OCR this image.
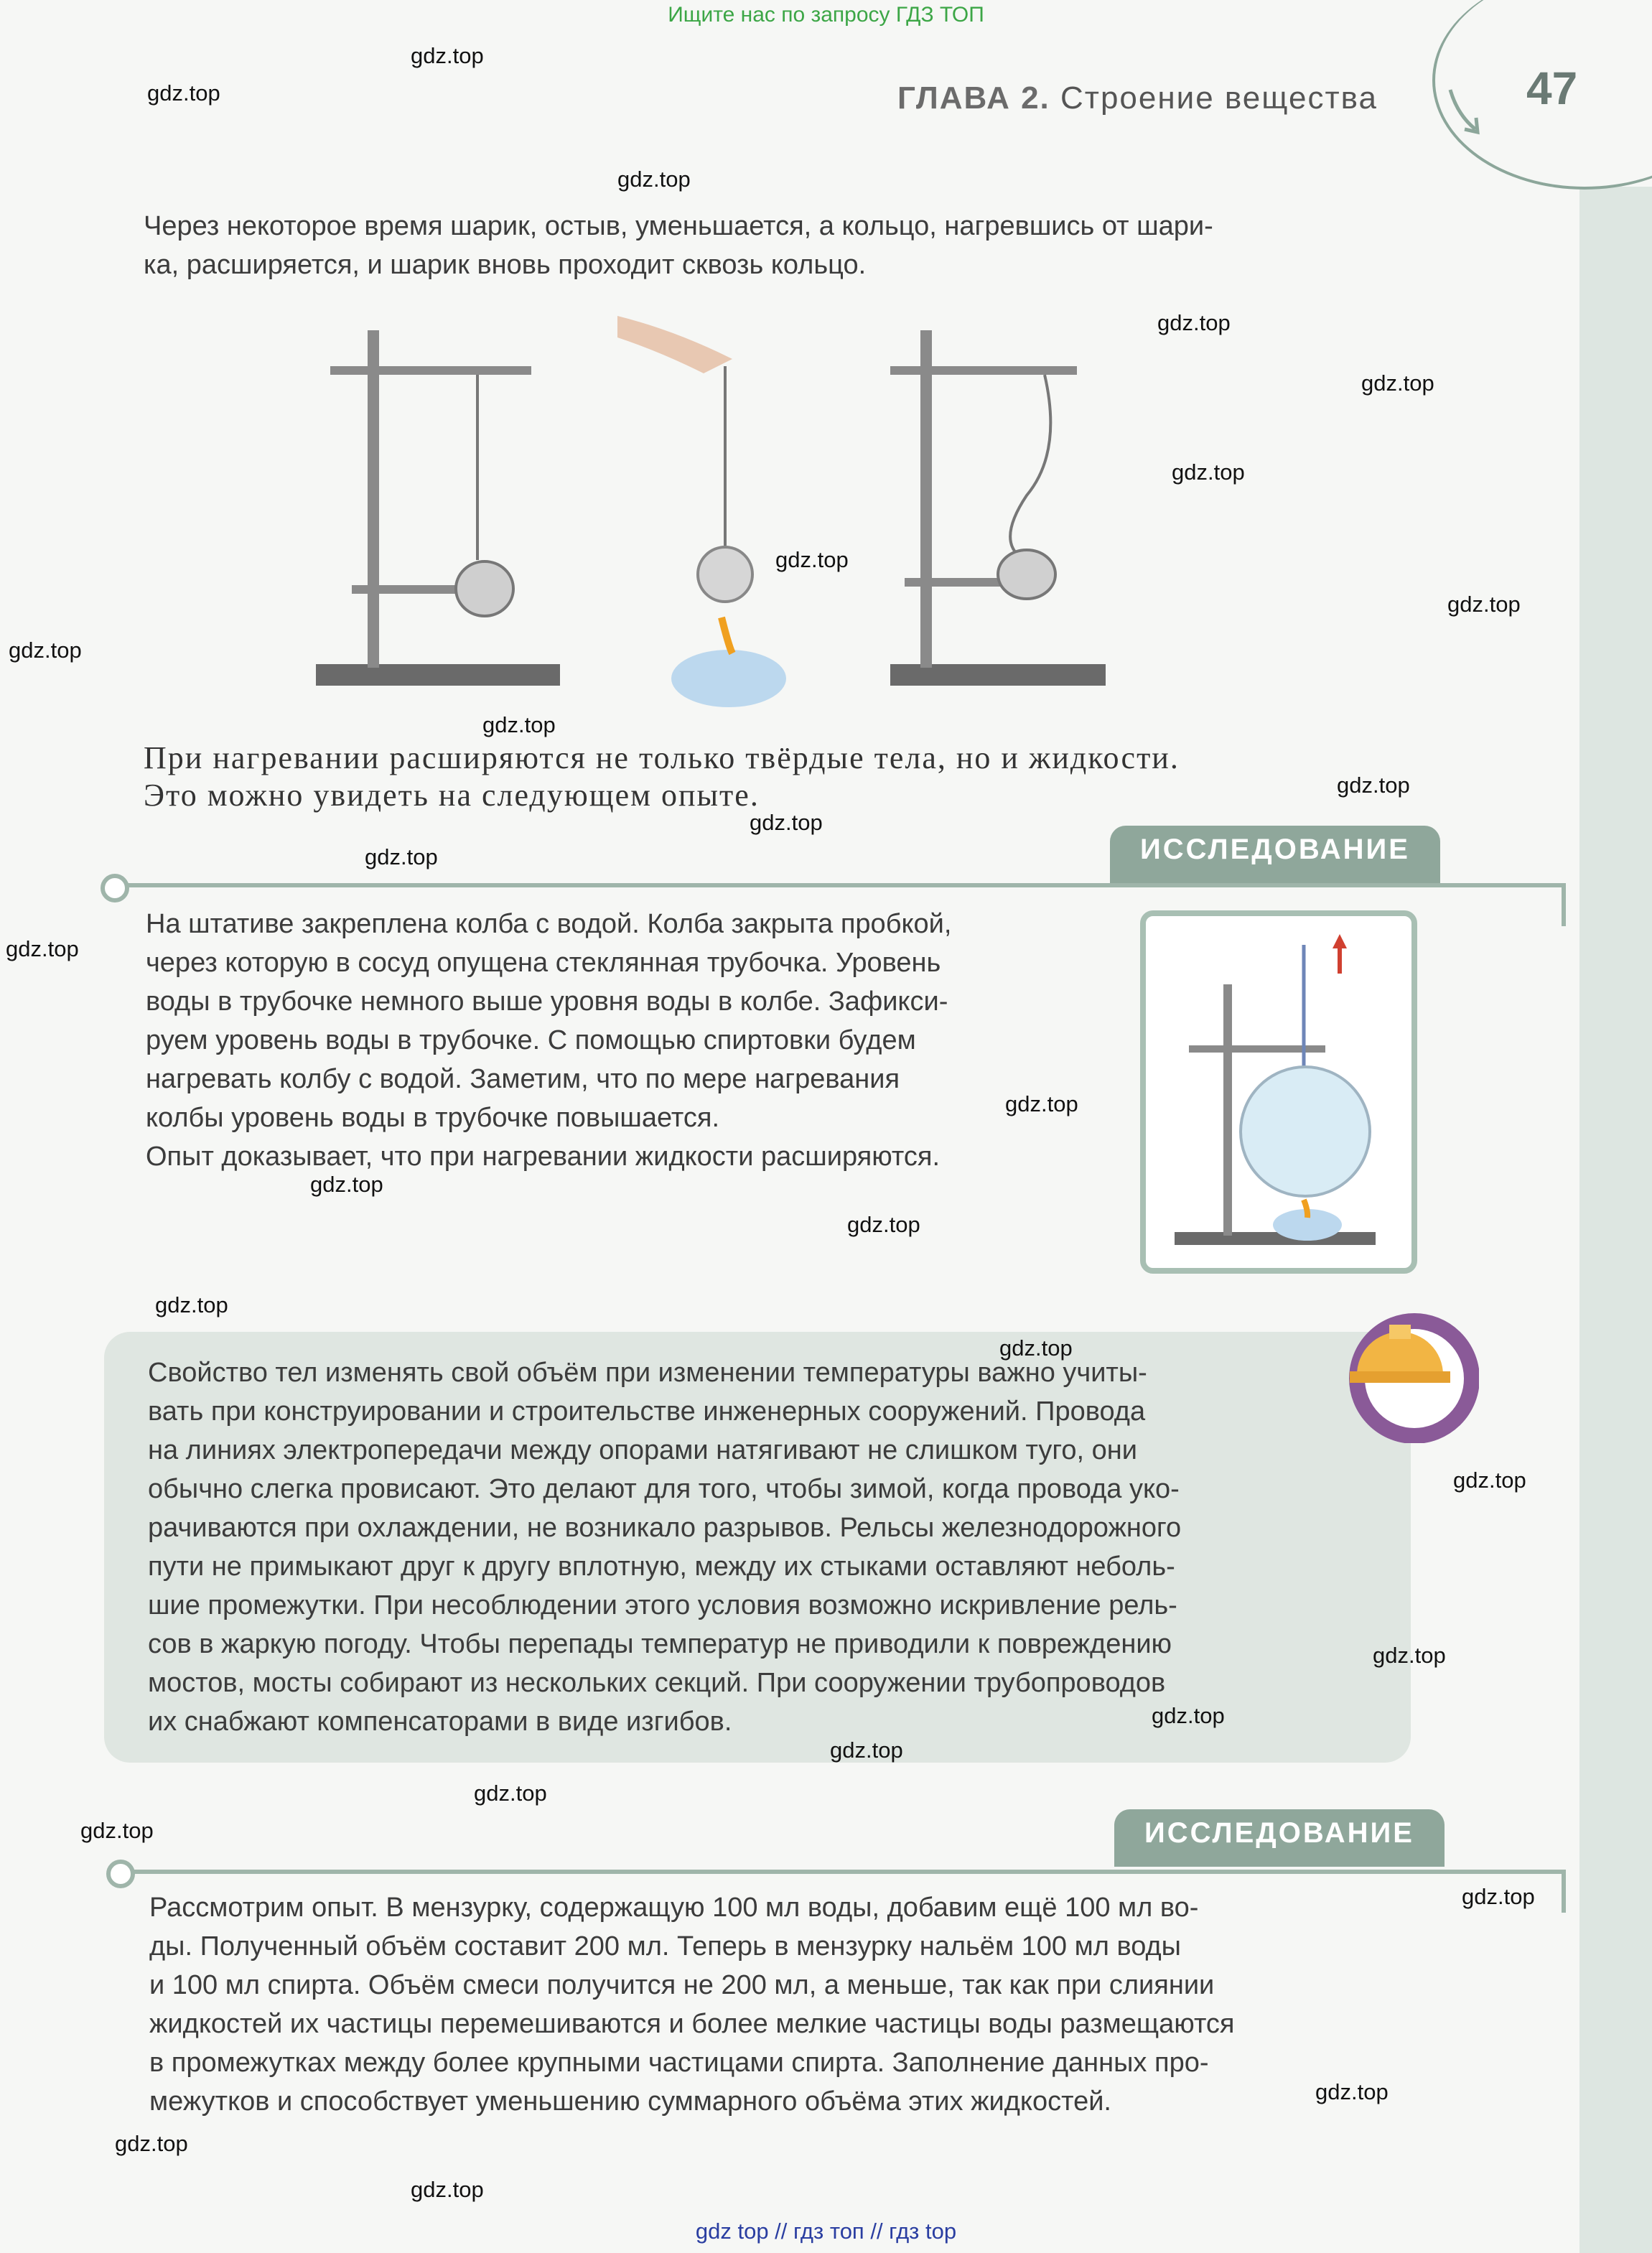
Ищите нас по запросу ГДЗ ТОП
ГЛАВА 2. Строение вещества	47
Через некоторое время шарик, остыв, уменьшается, а кольцо, нагревшись от шари-
ка, расширяется, и шарик вновь проходит сквозь кольцо.
При нагревании расширяются не только твёрдые тела, но и жидкости.
Это можно увидеть на следующем опыте.
ИССЛЕДОВАНИЕ
На штативе закреплена колба с водой. Колба закрыта пробкой,
через которую в сосуд опущена стеклянная трубочка. Уровень
воды в трубочке немного выше уровня воды в колбе. Зафикси-
руем уровень воды в трубочке. С помощью спиртовки будем
нагревать колбу с водой. Заметим, что по мере нагревания
колбы уровень воды в трубочке повышается.
Опыт доказывает, что при нагревании жидкости расширяются.
Свойство тел изменять свой объём при изменении температуры важно учиты-
вать при конструировании и строительстве инженерных сооружений. Провода
на линиях электропередачи между опорами натягивают не слишком туго, они
обычно слегка провисают. Это делают для того, чтобы зимой, когда провода уко-
рачиваются при охлаждении, не возникало разрывов. Рельсы железнодорожного
пути не примыкают друг к другу вплотную, между их стыками оставляют неболь-
шие промежутки. При несоблюдении этого условия возможно искривление рель-
сов в жаркую погоду. Чтобы перепады температур не приводили к повреждению
мостов, мосты собирают из нескольких секций. При сооружении трубопроводов
их снабжают компенсаторами в виде изгибов.
ИССЛЕДОВАНИЕ
Рассмотрим опыт. В мензурку, содержащую 100 мл воды, добавим ещё 100 мл во-
ды. Полученный объём составит 200 мл. Теперь в мензурку нальём 100 мл воды
и 100 мл спирта. Объём смеси получится не 200 мл, а меньше, так как при слиянии
жидкостей их частицы перемешиваются и более мелкие частицы воды размещаются
в промежутках между более крупными частицами спирта. Заполнение данных про-
межутков и способствует уменьшению суммарного объёма этих жидкостей.
gdz.top
gdz.top
gdz.top
gdz.top
gdz.top
gdz.top
gdz.top
gdz.top
gdz.top
gdz.top
gdz.top
gdz.top
gdz.top
gdz.top
gdz.top
gdz.top
gdz.top
gdz.top
gdz.top
gdz.top
gdz.top
gdz.top
gdz.top
gdz.top
gdz.top
gdz.top
gdz.top
gdz.top
gdz.top
gdz top // гдз топ // гдз top
